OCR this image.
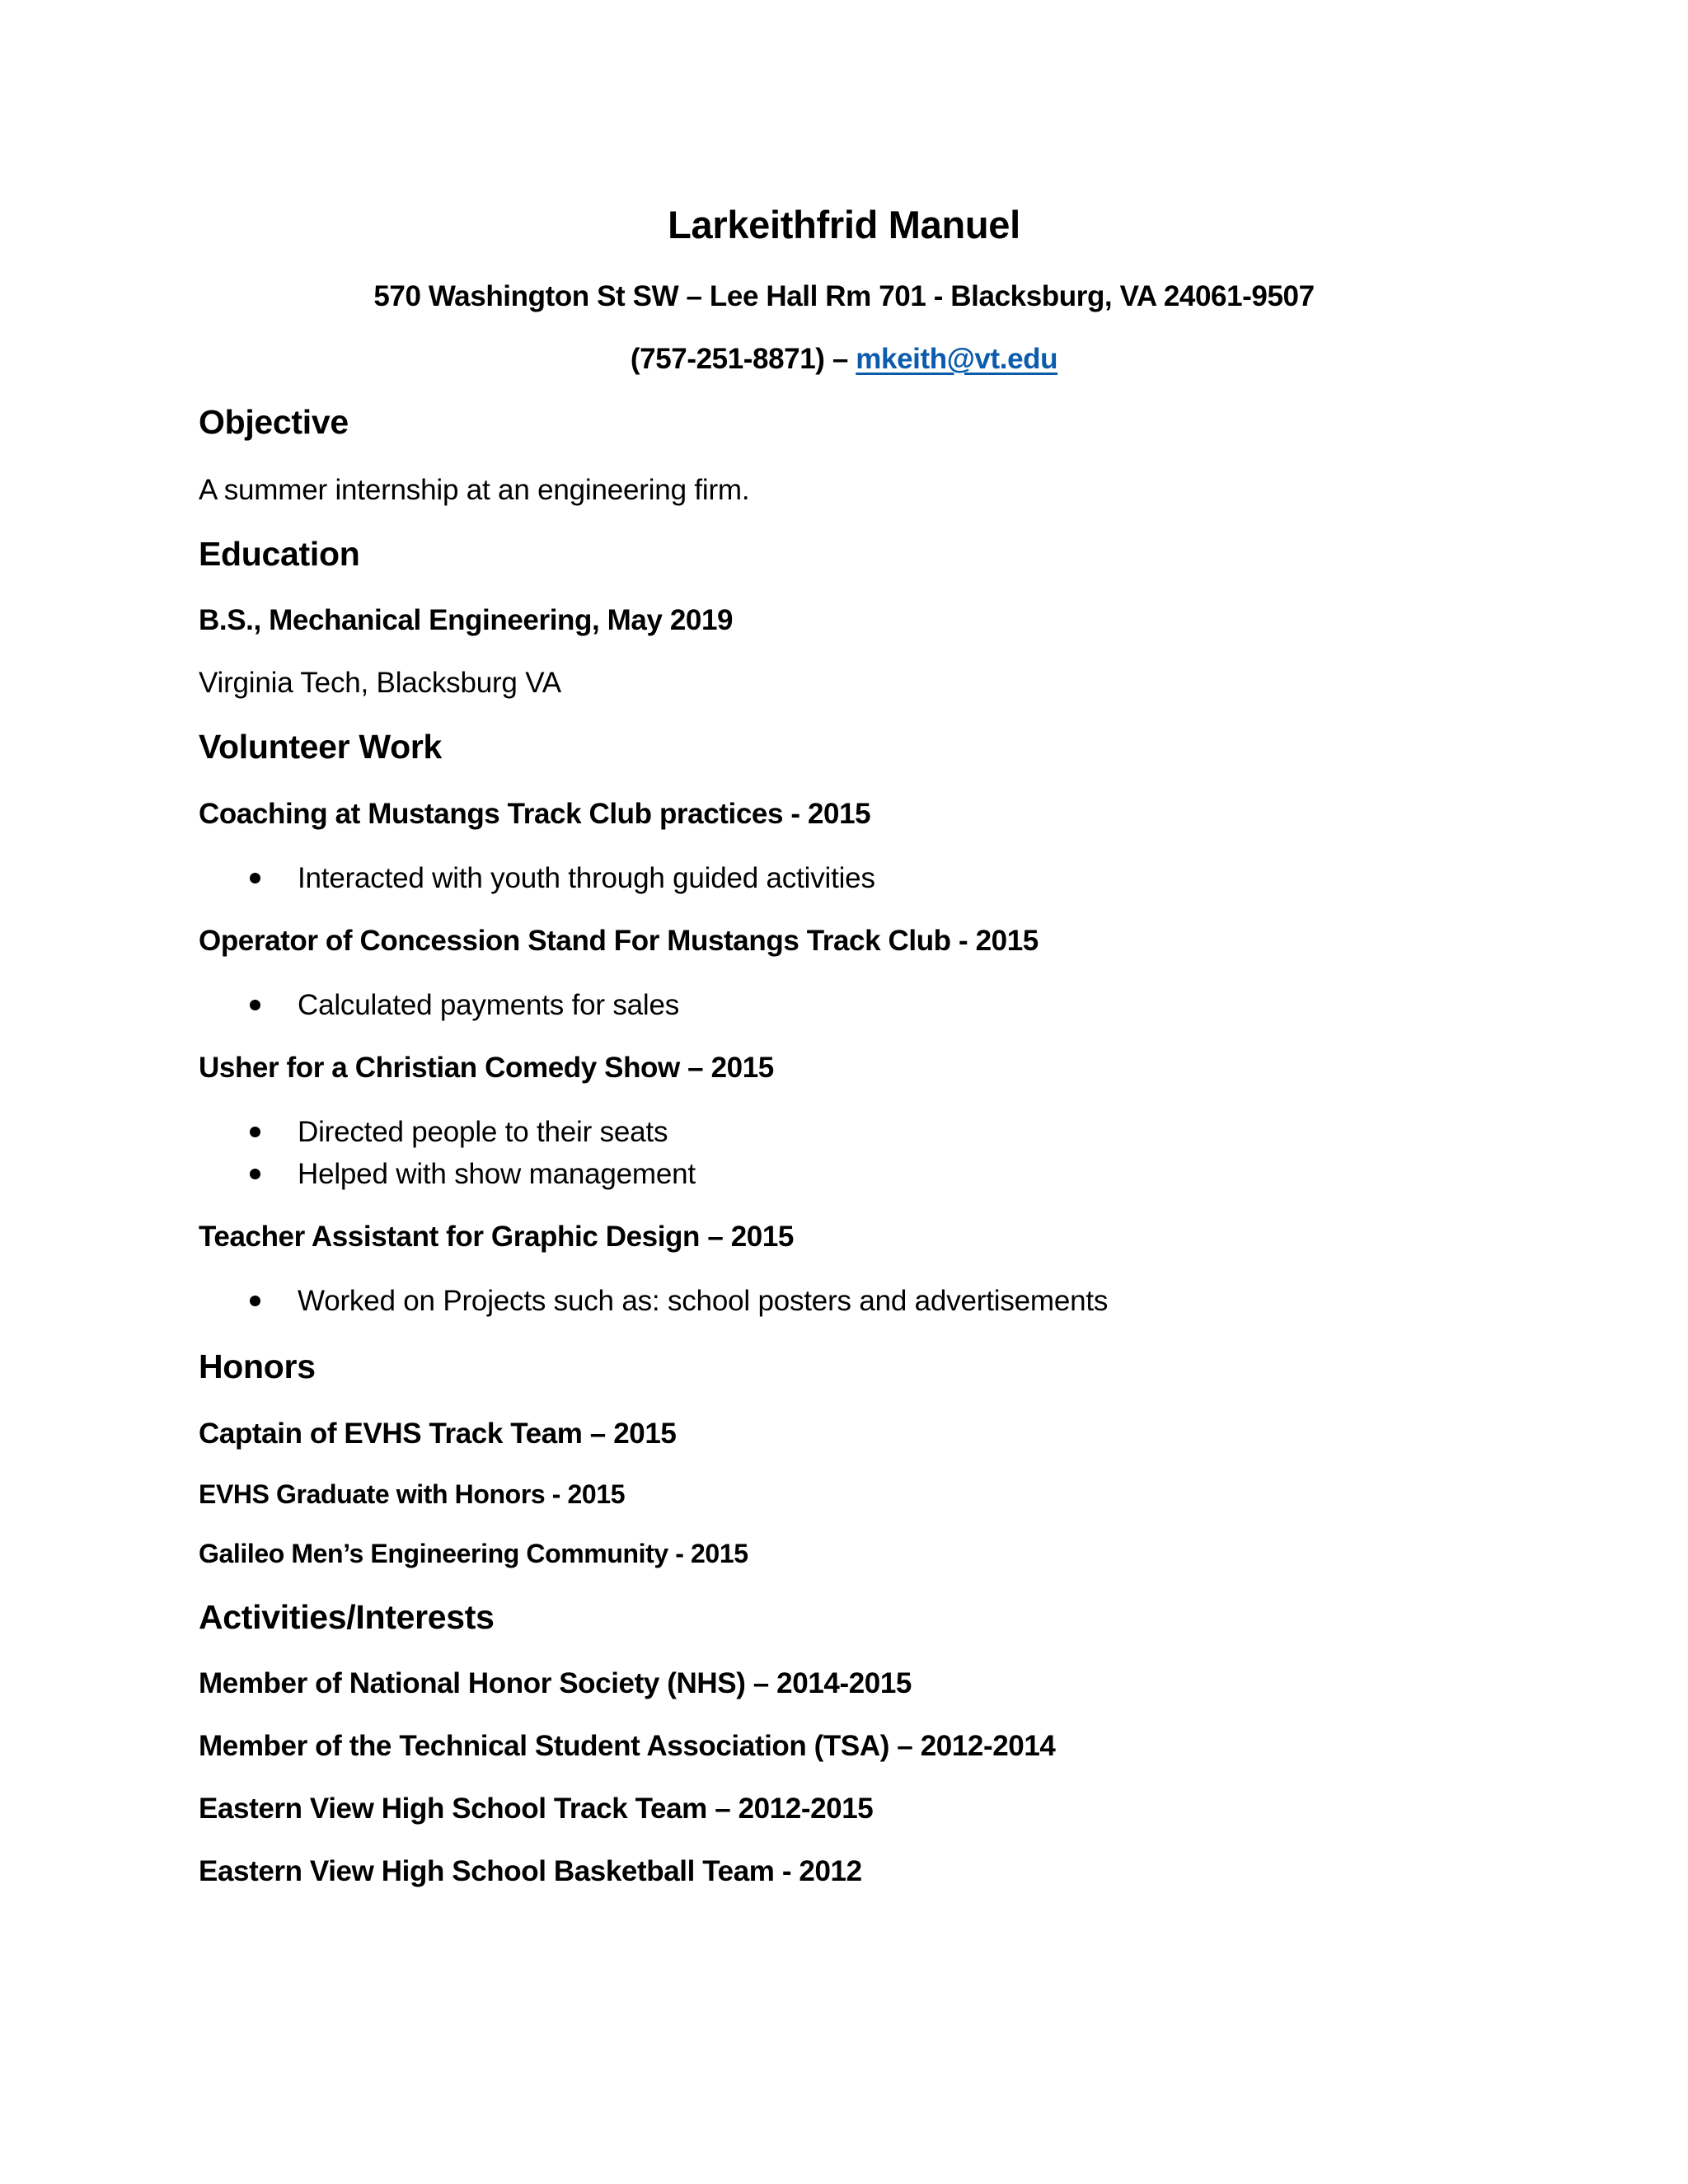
Larkeithfrid Manuel
570 Washington St SW – Lee Hall Rm 701 - Blacksburg, VA 24061-9507
(757-251-8871) – mkeith@vt.edu
Objective
A summer internship at an engineering firm.
Education
B.S., Mechanical Engineering, May 2019
Virginia Tech, Blacksburg VA
Volunteer Work
Coaching at Mustangs Track Club practices - 2015
Interacted with youth through guided activities
Operator of Concession Stand For Mustangs Track Club - 2015
Calculated payments for sales
Usher for a Christian Comedy Show – 2015
Directed people to their seats
Helped with show management
Teacher Assistant for Graphic Design – 2015
Worked on Projects such as: school posters and advertisements
Honors
Captain of EVHS Track Team – 2015
EVHS Graduate with Honors - 2015
Galileo Men’s Engineering Community - 2015
Activities/Interests
Member of National Honor Society (NHS) – 2014-2015
Member of the Technical Student Association (TSA) – 2012-2014
Eastern View High School Track Team – 2012-2015
Eastern View High School Basketball Team - 2012
